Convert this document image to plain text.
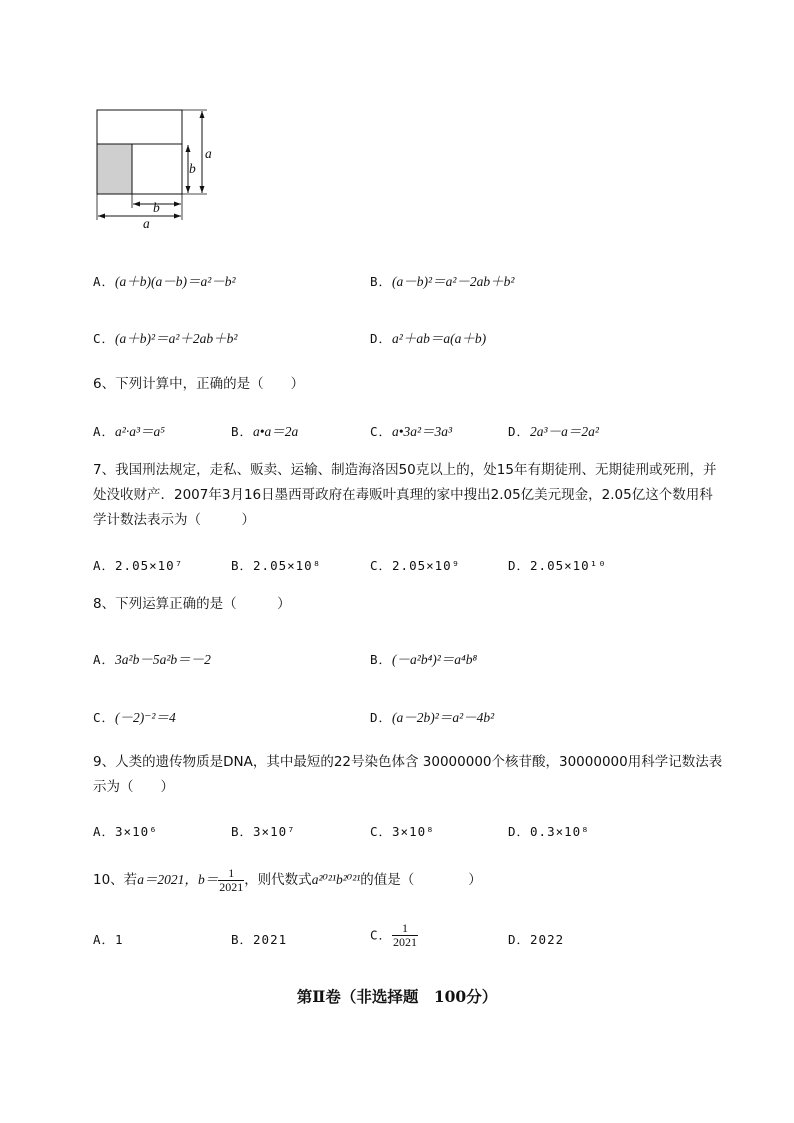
a
b
b
a
A．(a＋b)(a－b)＝a²－b²	B．(a－b)²＝a²－2ab＋b²
C．(a＋b)²＝a²＋2ab＋b²	D．a²＋ab＝a(a＋b)
6、下列计算中，正确的是（　　）
A．a²·a³＝a⁵	B．a•a＝2a	C．a•3a²＝3a³	D．2a³－a＝2a²
7、我国刑法规定，走私、贩卖、运输、制造海洛因50克以上的，处15年有期徒刑、无期徒刑或死刑，并处没收财产．2007年3月16日墨西哥政府在毒贩叶真理的家中搜出2.05亿美元现金，2.05亿这个数用科学计数法表示为（　　　）
A．2.05×10⁷	B．2.05×10⁸	C．2.05×10⁹	D．2.05×10¹⁰
8、下列运算正确的是（　　　）
A．3a²b－5a²b＝－2	B．(－a²b⁴)²＝a⁴b⁸
C．(－2)⁻²＝4	D．(a－2b)²＝a²－4b²
9、人类的遗传物质是DNA，其中最短的22号染色体含 30000000个核苷酸，30000000用科学记数法表示为（　　）
A．3×10⁶	B．3×10⁷	C．3×10⁸	D．0.3×10⁸
10、若a＝2021，$b= \frac{1}{2021}$ ，则代数式a²⁰²¹b²⁰²¹的值是（　　　　）
A．1	B．2021	C． $\frac{1}{2021}$	D．2022
第Ⅱ卷（非选择题　100分）
